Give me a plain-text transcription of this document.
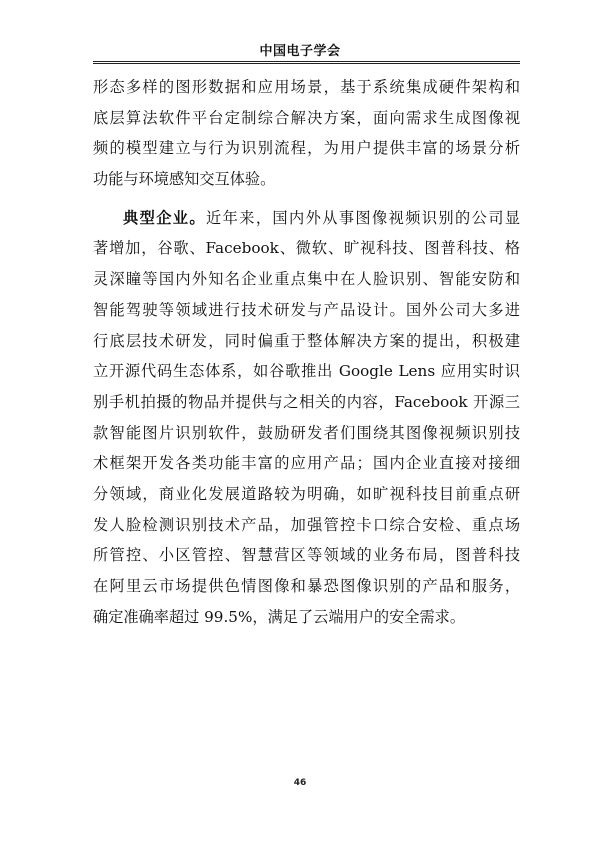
中国电子学会
形态多样的图形数据和应用场景，基于系统集成硬件架构和
底层算法软件平台定制综合解决方案，面向需求生成图像视
频的模型建立与行为识别流程，为用户提供丰富的场景分析
功能与环境感知交互体验。
典型企业。近年来，国内外从事图像视频识别的公司显
著增加，谷歌、Facebook、微软、旷视科技、图普科技、格
灵深瞳等国内外知名企业重点集中在人脸识别、智能安防和
智能驾驶等领域进行技术研发与产品设计。国外公司大多进
行底层技术研发，同时偏重于整体解决方案的提出，积极建
立开源代码生态体系，如谷歌推出 Google Lens 应用实时识
别手机拍摄的物品并提供与之相关的内容，Facebook 开源三
款智能图片识别软件，鼓励研发者们围绕其图像视频识别技
术框架开发各类功能丰富的应用产品；国内企业直接对接细
分领域，商业化发展道路较为明确，如旷视科技目前重点研
发人脸检测识别技术产品，加强管控卡口综合安检、重点场
所管控、小区管控、智慧营区等领域的业务布局，图普科技
在阿里云市场提供色情图像和暴恐图像识别的产品和服务，
确定准确率超过 99.5%，满足了云端用户的安全需求。
46
